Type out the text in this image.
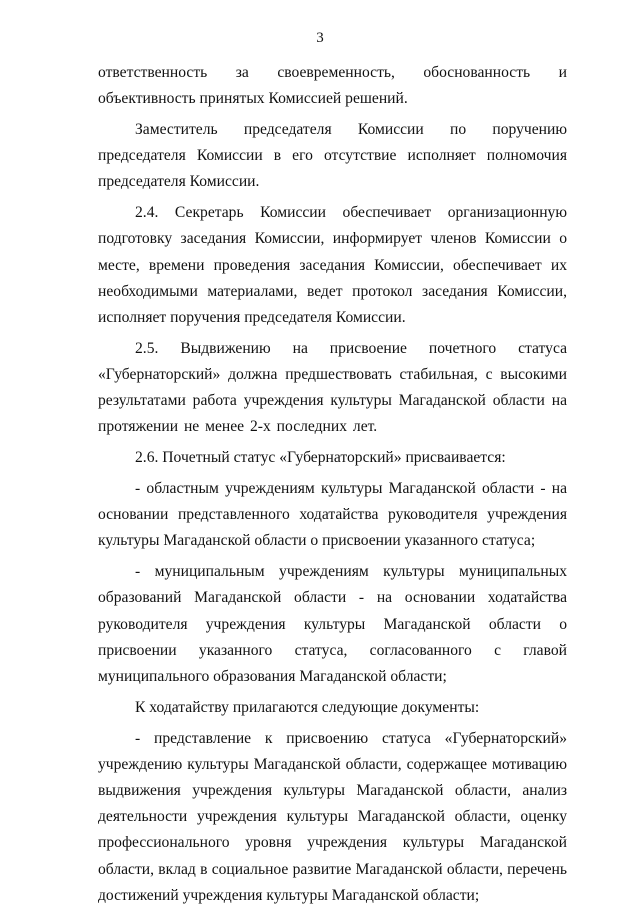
3

ответственность за своевременность, обоснованность и объективность принятых Комиссией решений.

Заместитель председателя Комиссии по поручению председателя Комиссии в его отсутствие исполняет полномочия председателя Комиссии.

2.4. Секретарь Комиссии обеспечивает организационную подготовку заседания Комиссии, информирует членов Комиссии о месте, времени проведения заседания Комиссии, обеспечивает их необходимыми материалами, ведет протокол заседания Комиссии, исполняет поручения председателя Комиссии.

2.5. Выдвижению на присвоение почетного статуса «Губернаторский» должна предшествовать стабильная, с высокими результатами работа учреждения культуры Магаданской области на протяжении не менее 2-х последних лет.

2.6. Почетный статус «Губернаторский» присваивается:

- областным учреждениям культуры Магаданской области - на основании представленного ходатайства руководителя учреждения культуры Магаданской области о присвоении указанного статуса;

- муниципальным учреждениям культуры муниципальных образований Магаданской области - на основании ходатайства руководителя учреждения культуры Магаданской области о присвоении указанного статуса, согласованного с главой муниципального образования Магаданской области;

К ходатайству прилагаются следующие документы:

- представление к присвоению статуса «Губернаторский» учреждению культуры Магаданской области, содержащее мотивацию выдвижения учреждения культуры Магаданской области, анализ деятельности учреждения культуры Магаданской области, оценку профессионального уровня учреждения культуры Магаданской области, вклад в социальное развитие Магаданской области, перечень достижений учреждения культуры Магаданской области;
